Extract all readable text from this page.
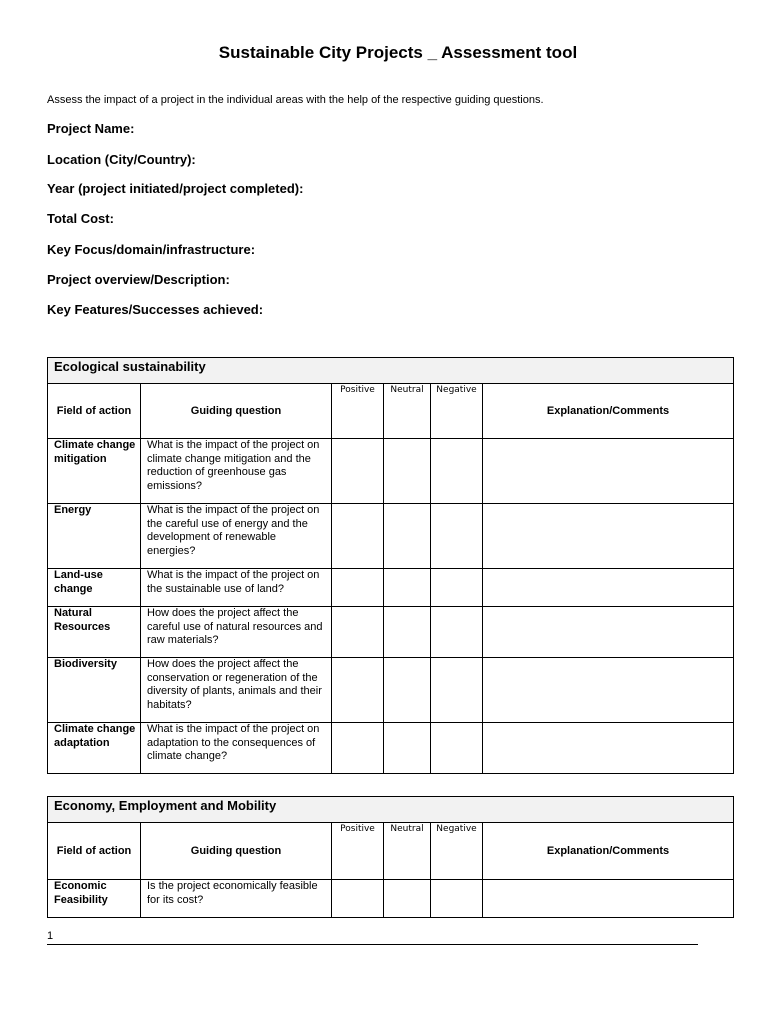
Sustainable City Projects _ Assessment tool
Assess the impact of a project in the individual areas with the help of the respective guiding questions.
Project Name:
Location (City/Country):
Year (project initiated/project completed):
Total Cost:
Key Focus/domain/infrastructure:
Project overview/Description:
Key Features/Successes achieved:
Ecological sustainability					
Field of action	Guiding question	Positive	Neutral	Negative	Explanation/Comments
Climate change mitigation	What is the impact of the project on climate change mitigation and the reduction of greenhouse gas emissions?				
Energy	What is the impact of the project on the careful use of energy and the development of renewable energies?				
Land-use change	What is the impact of the project on the sustainable use of land?				
Natural Resources	How does the project affect the careful use of natural resources and raw materials?				
Biodiversity	How does the project affect the conservation or regeneration of the diversity of plants, animals and their habitats?				
Climate change adaptation	What is the impact of the project on adaptation to the consequences of climate change?				
Economy, Employment and Mobility					
Field of action	Guiding question	Positive	Neutral	Negative	Explanation/Comments
Economic Feasibility	Is the project economically feasible for its cost?				
1
